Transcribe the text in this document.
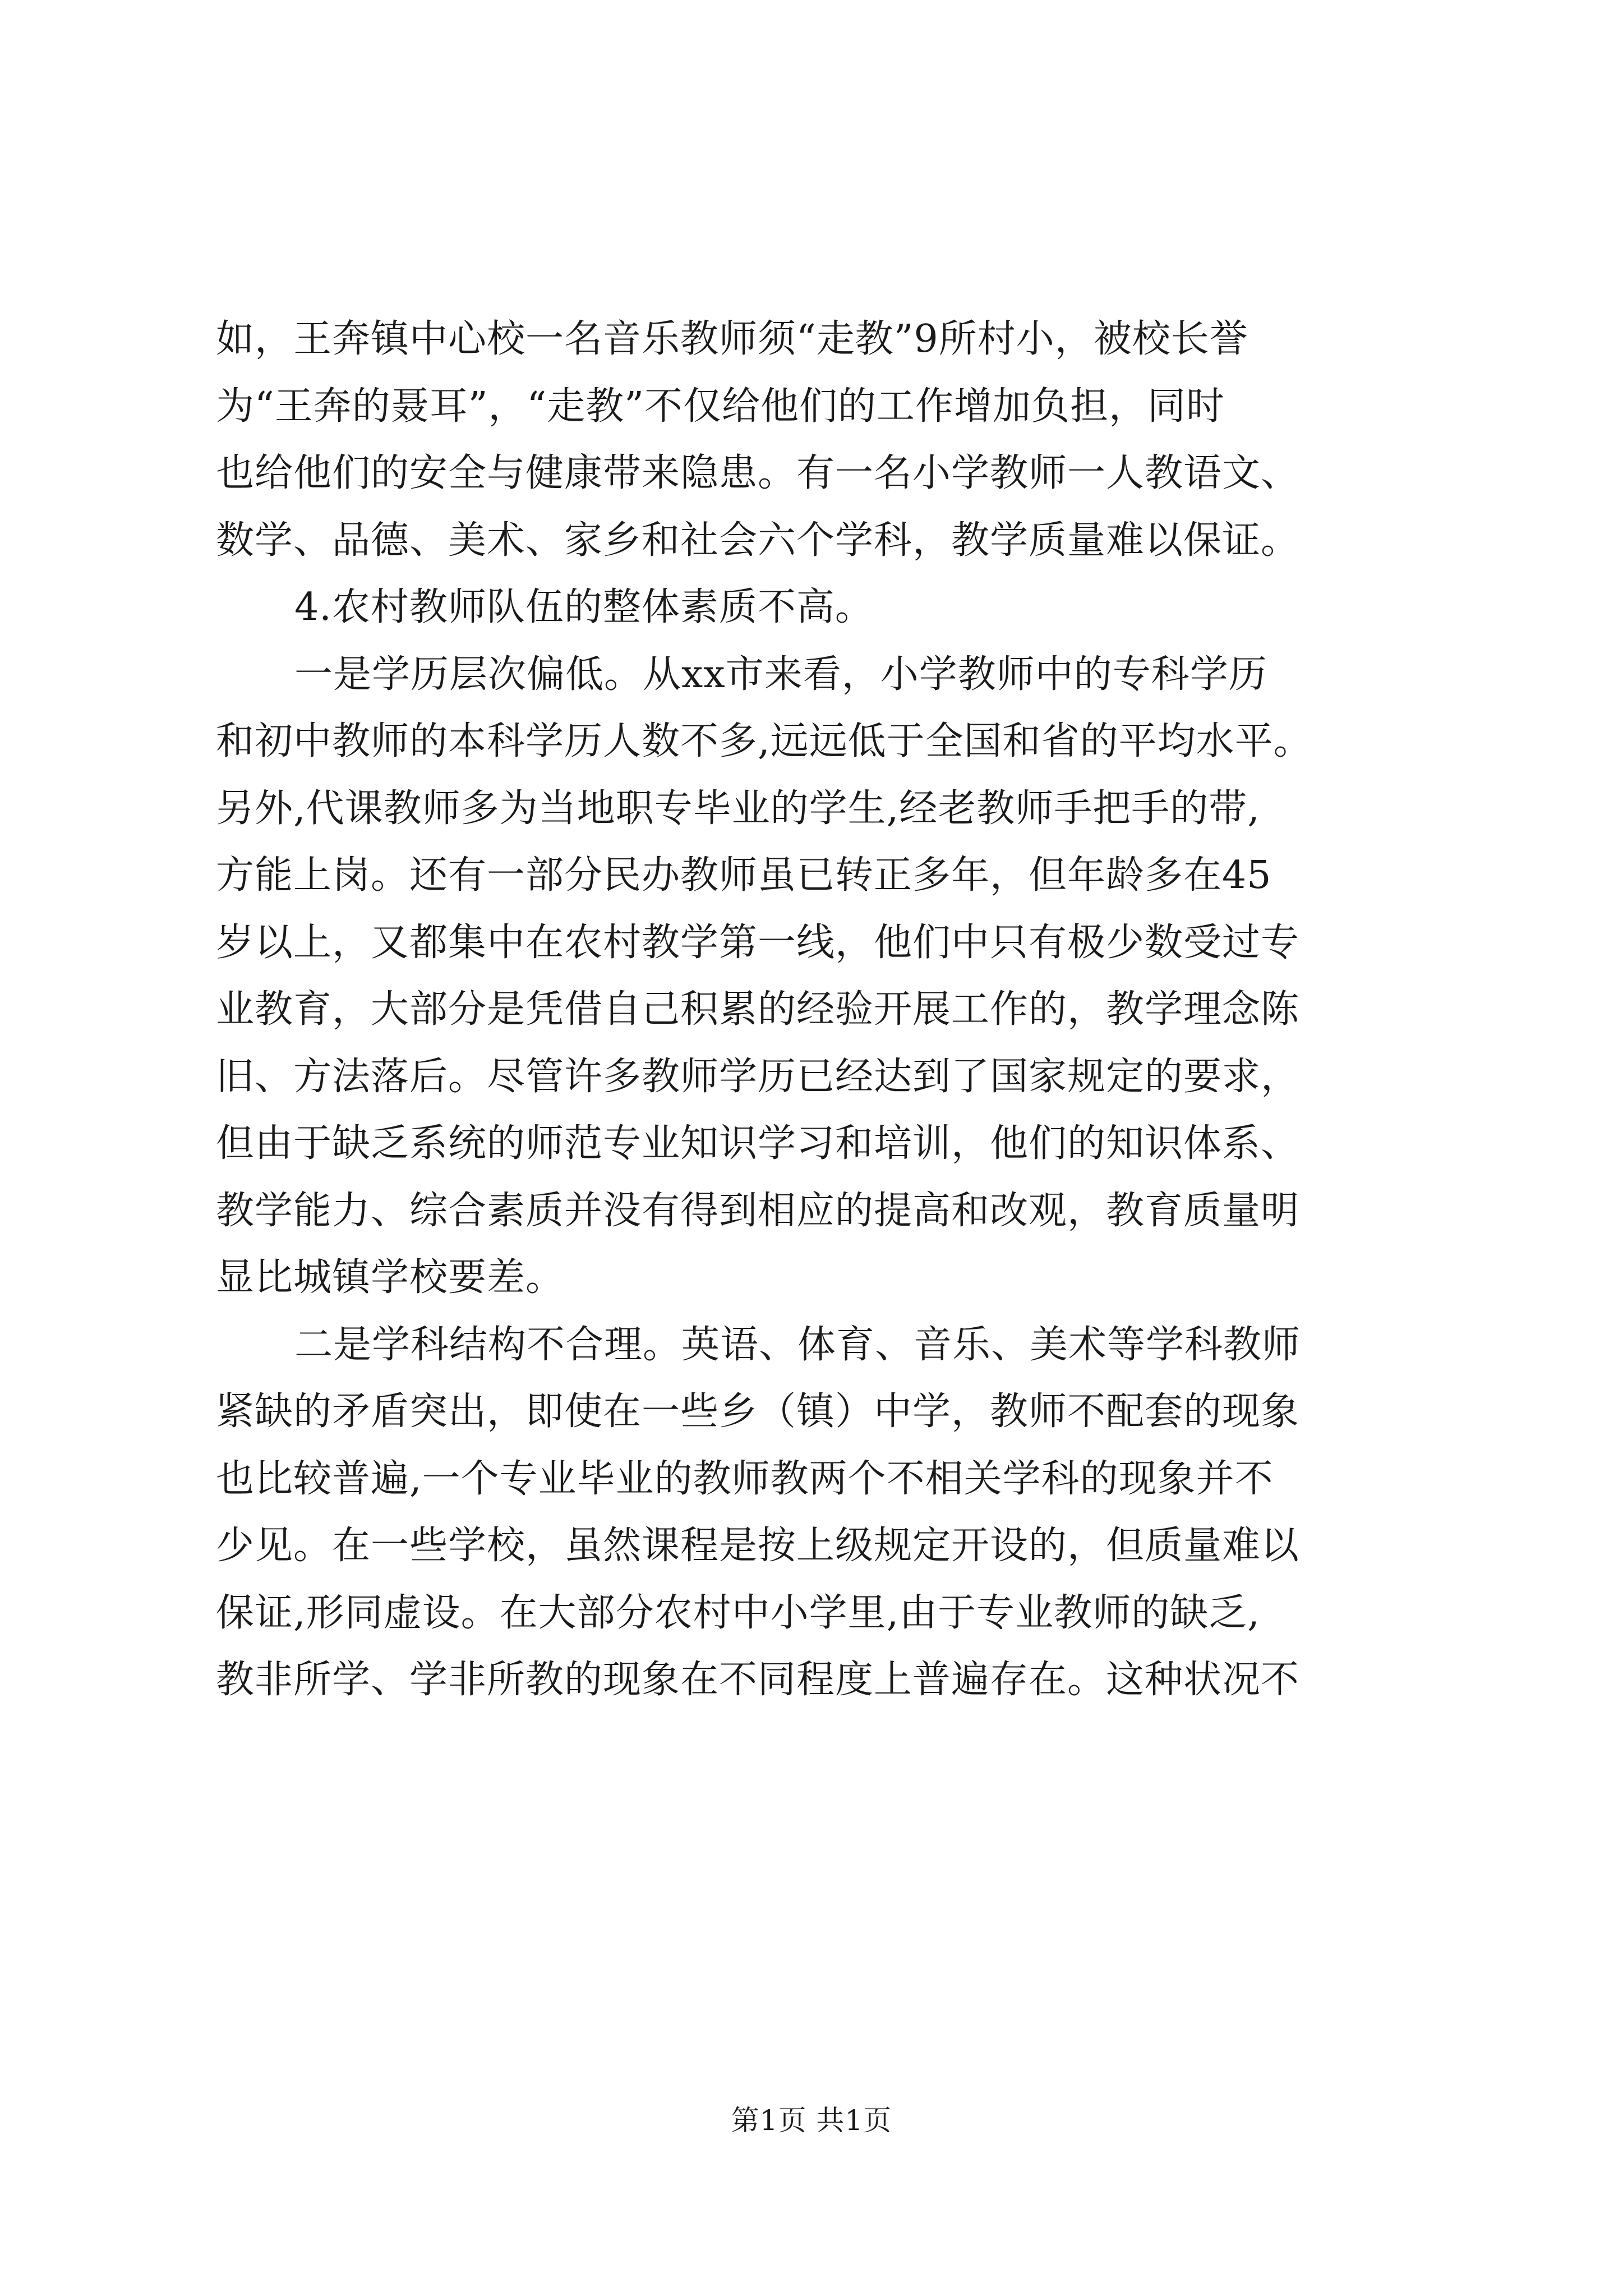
如，王奔镇中心校一名音乐教师须“走教”9所村小，被校长誉
为“王奔的聂耳”，“走教”不仅给他们的工作增加负担，同时
也给他们的安全与健康带来隐患。有一名小学教师一人教语文、
数学、品德、美术、家乡和社会六个学科，教学质量难以保证。

4.农村教师队伍的整体素质不高。

一是学历层次偏低。从xx市来看，小学教师中的专科学历
和初中教师的本科学历人数不多,远远低于全国和省的平均水平。
另外,代课教师多为当地职专毕业的学生,经老教师手把手的带,
方能上岗。还有一部分民办教师虽已转正多年，但年龄多在45
岁以上，又都集中在农村教学第一线，他们中只有极少数受过专
业教育，大部分是凭借自己积累的经验开展工作的，教学理念陈
旧、方法落后。尽管许多教师学历已经达到了国家规定的要求，
但由于缺乏系统的师范专业知识学习和培训，他们的知识体系、
教学能力、综合素质并没有得到相应的提高和改观，教育质量明
显比城镇学校要差。

二是学科结构不合理。英语、体育、音乐、美术等学科教师
紧缺的矛盾突出，即使在一些乡（镇）中学，教师不配套的现象
也比较普遍,一个专业毕业的教师教两个不相关学科的现象并不
少见。在一些学校，虽然课程是按上级规定开设的，但质量难以
保证,形同虚设。在大部分农村中小学里,由于专业教师的缺乏,
教非所学、学非所教的现象在不同程度上普遍存在。这种状况不

第1页 共1页
